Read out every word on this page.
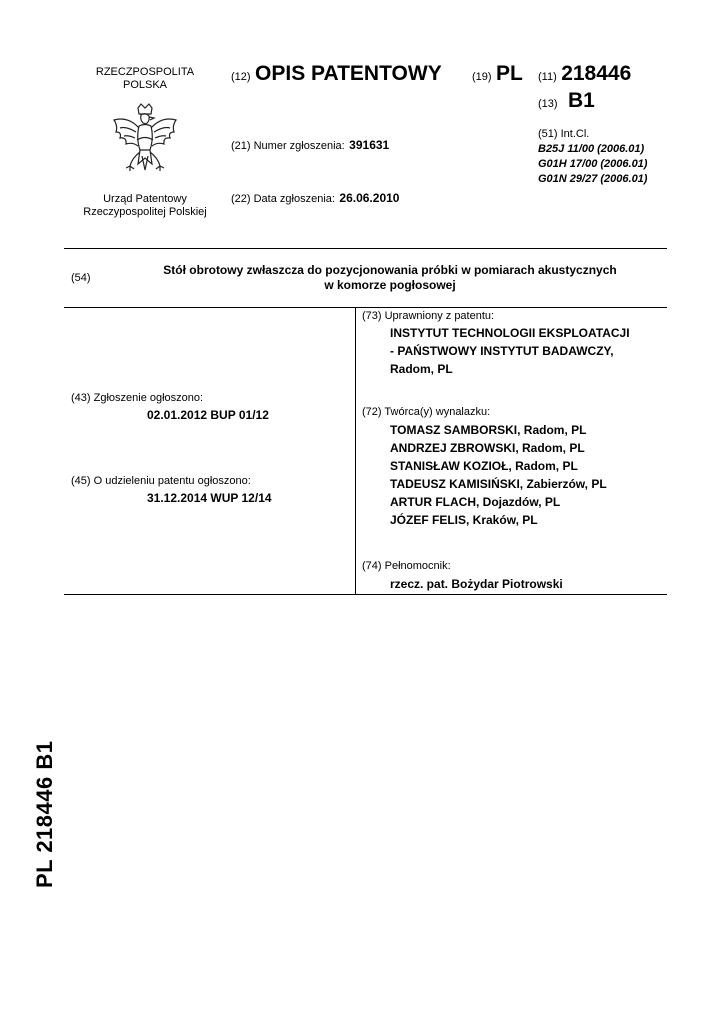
RZECZPOSPOLITA
POLSKA
Urząd Patentowy
Rzeczypospolitej Polskiej
(12) OPIS PATENTOWY	(19) PL (11) 218446
(13) B1
(21) Numer zgłoszenia: 391631
(22) Data zgłoszenia: 26.06.2010
(51) Int.Cl.
B25J 11/00 (2006.01)
G01H 17/00 (2006.01)
G01N 29/27 (2006.01)
(54)
Stół obrotowy zwłaszcza do pozycjonowania próbki w pomiarach akustycznych
w komorze pogłosowej
(43) Zgłoszenie ogłoszono:
02.01.2012 BUP 01/12
(45) O udzieleniu patentu ogłoszono:
31.12.2014 WUP 12/14
(73) Uprawniony z patentu:
INSTYTUT TECHNOLOGII EKSPLOATACJI
- PAŃSTWOWY INSTYTUT BADAWCZY,
Radom, PL
(72) Twórca(y) wynalazku:
TOMASZ SAMBORSKI, Radom, PL
ANDRZEJ ZBROWSKI, Radom, PL
STANISŁAW KOZIOŁ, Radom, PL
TADEUSZ KAMISIŃSKI, Zabierzów, PL
ARTUR FLACH, Dojazdów, PL
JÓZEF FELIS, Kraków, PL
(74) Pełnomocnik:
rzecz. pat. Bożydar Piotrowski
PL 218446 B1
